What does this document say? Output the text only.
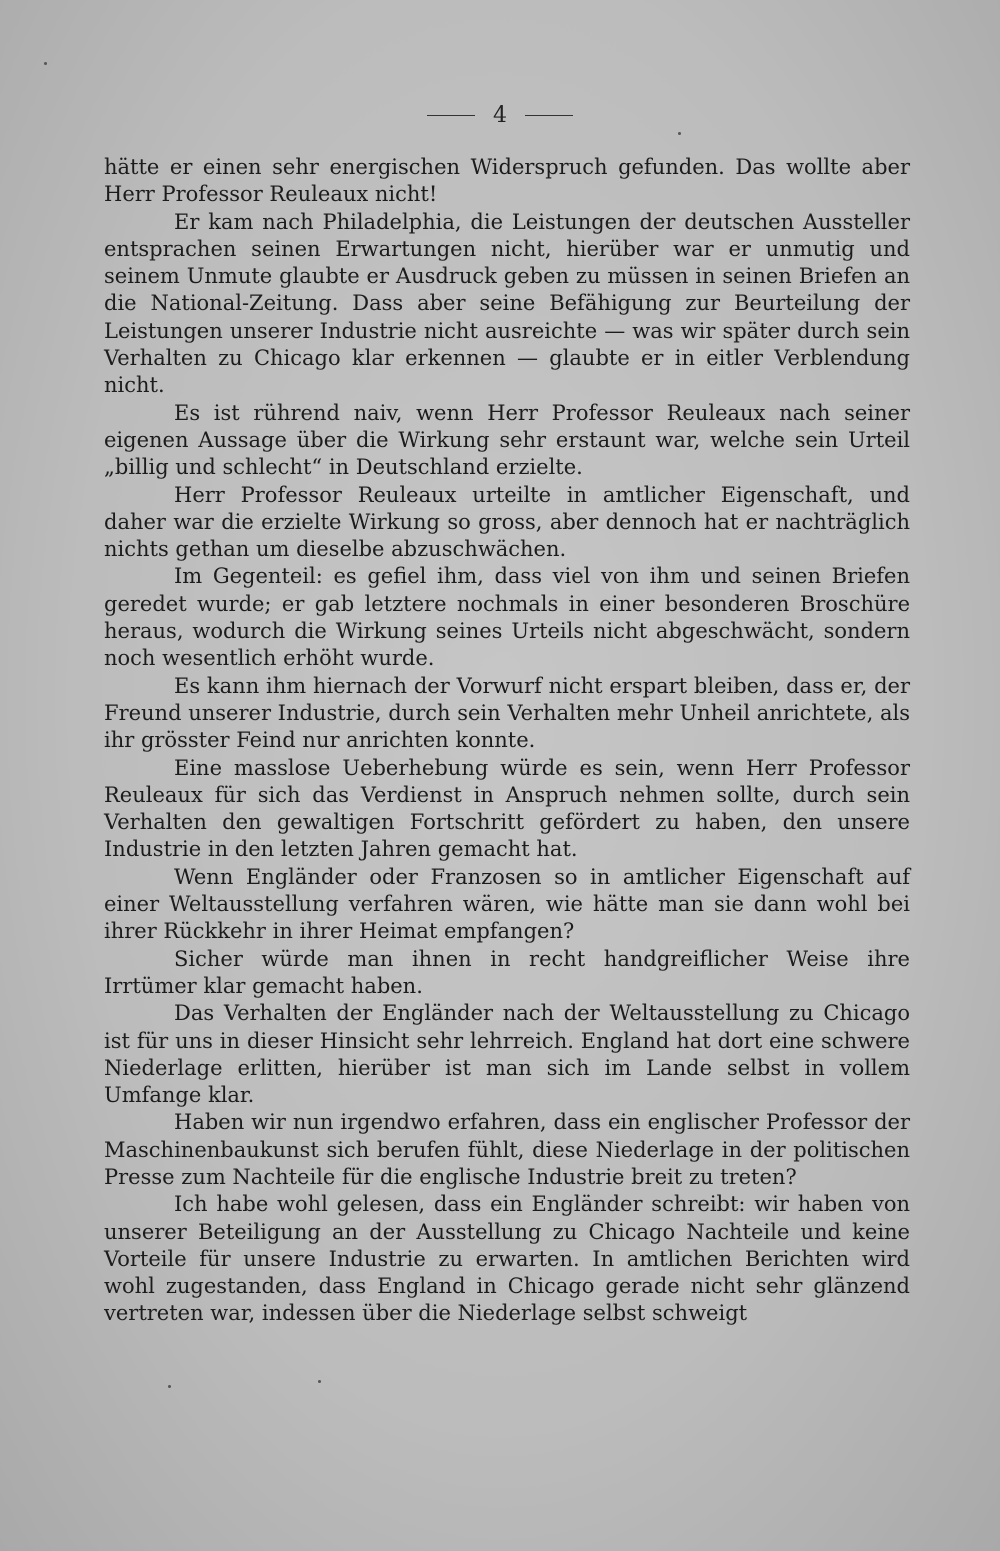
4

hätte er einen sehr energischen Widerspruch gefunden. Das wollte aber Herr Professor Reuleaux nicht!

Er kam nach Philadelphia, die Leistungen der deutschen Aussteller entsprachen seinen Erwartungen nicht, hierüber war er unmutig und seinem Unmute glaubte er Ausdruck geben zu müssen in seinen Briefen an die National-Zeitung. Dass aber seine Befähigung zur Beurteilung der Leistungen unserer Industrie nicht ausreichte — was wir später durch sein Verhalten zu Chicago klar erkennen — glaubte er in eitler Verblendung nicht.

Es ist rührend naiv, wenn Herr Professor Reuleaux nach seiner eigenen Aussage über die Wirkung sehr erstaunt war, welche sein Urteil „billig und schlecht“ in Deutschland erzielte.

Herr Professor Reuleaux urteilte in amtlicher Eigenschaft, und daher war die erzielte Wirkung so gross, aber dennoch hat er nachträglich nichts gethan um dieselbe abzuschwächen.

Im Gegenteil: es gefiel ihm, dass viel von ihm und seinen Briefen geredet wurde; er gab letztere nochmals in einer besonderen Broschüre heraus, wodurch die Wirkung seines Urteils nicht abgeschwächt, sondern noch wesentlich erhöht wurde.

Es kann ihm hiernach der Vorwurf nicht erspart bleiben, dass er, der Freund unserer Industrie, durch sein Verhalten mehr Unheil anrichtete, als ihr grösster Feind nur anrichten konnte.

Eine masslose Ueberhebung würde es sein, wenn Herr Professor Reuleaux für sich das Verdienst in Anspruch nehmen sollte, durch sein Verhalten den gewaltigen Fortschritt gefördert zu haben, den unsere Industrie in den letzten Jahren gemacht hat.

Wenn Engländer oder Franzosen so in amtlicher Eigenschaft auf einer Weltausstellung verfahren wären, wie hätte man sie dann wohl bei ihrer Rückkehr in ihrer Heimat empfangen?

Sicher würde man ihnen in recht handgreiflicher Weise ihre Irrtümer klar gemacht haben.

Das Verhalten der Engländer nach der Weltausstellung zu Chicago ist für uns in dieser Hinsicht sehr lehrreich. England hat dort eine schwere Niederlage erlitten, hierüber ist man sich im Lande selbst in vollem Umfange klar.

Haben wir nun irgendwo erfahren, dass ein englischer Professor der Maschinenbaukunst sich berufen fühlt, diese Niederlage in der politischen Presse zum Nachteile für die englische Industrie breit zu treten?

Ich habe wohl gelesen, dass ein Engländer schreibt: wir haben von unserer Beteiligung an der Ausstellung zu Chicago Nachteile und keine Vorteile für unsere Industrie zu erwarten. In amtlichen Berichten wird wohl zugestanden, dass England in Chicago gerade nicht sehr glänzend vertreten war, indessen über die Niederlage selbst schweigt
